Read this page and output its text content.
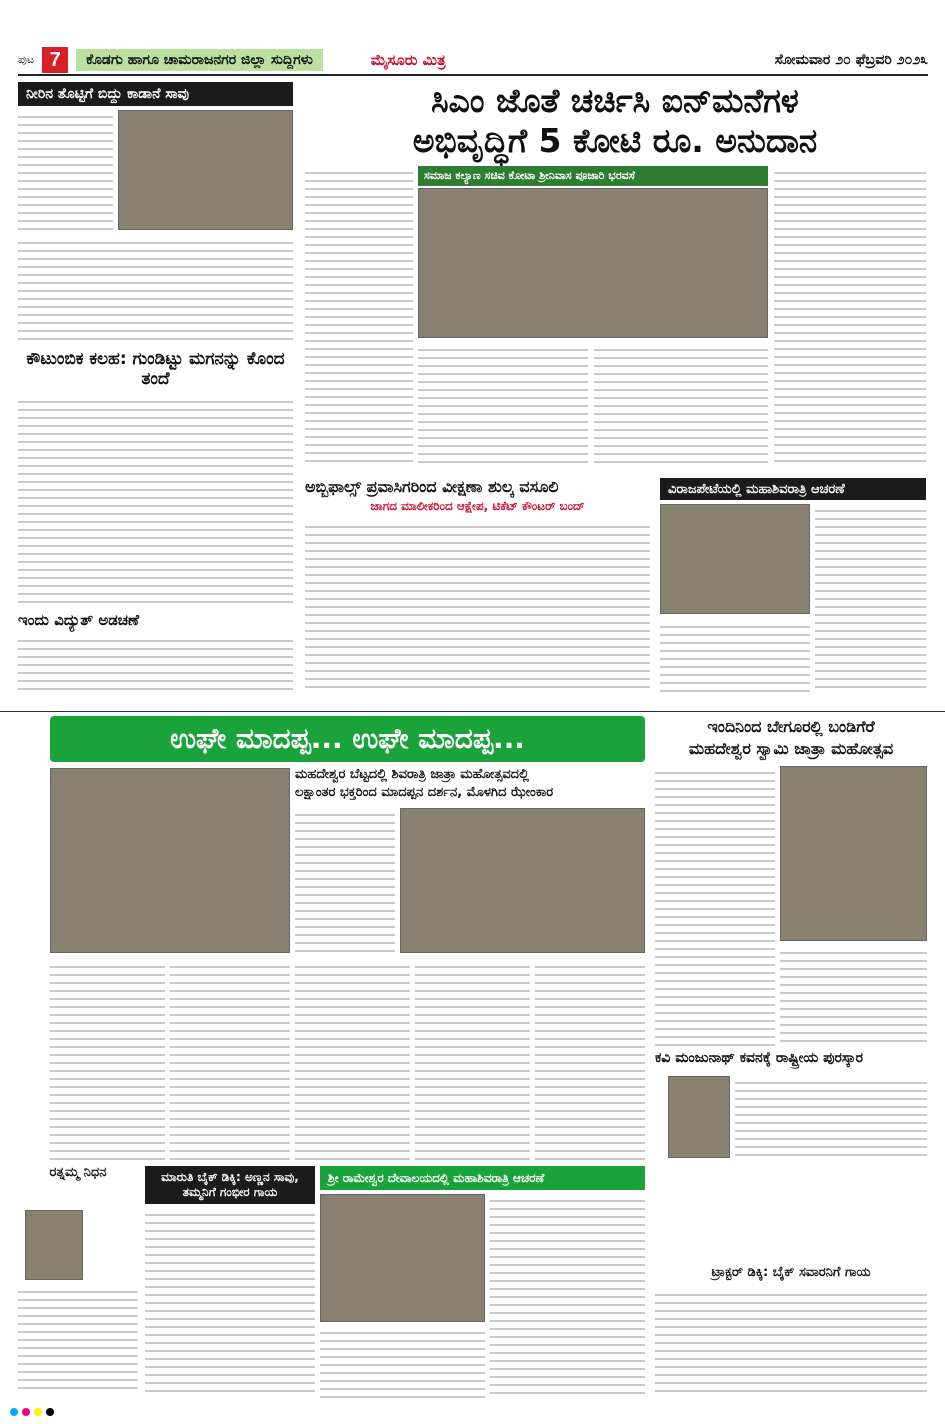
ಪುಟ 7	ಕೊಡಗು ಹಾಗೂ ಚಾಮರಾಜನಗರ ಜಿಲ್ಲಾ ಸುದ್ದಿಗಳು	ಮೈಸೂರು ಮಿತ್ರ	ಸೋಮವಾರ ೨೦ ಫೆಬ್ರವರಿ ೨೦೨೩
ನೀರಿನ ತೊಟ್ಟಿಗೆ ಬಿದ್ದು ಕಾಡಾನೆ ಸಾವು	ಸಿಎಂ ಜೊತೆ ಚರ್ಚಿಸಿ ಐನ್‌ಮನೆಗಳ
ಅಭಿವೃದ್ಧಿಗೆ 5 ಕೋಟಿ ರೂ. ಅನುದಾನ
ಸಮಾಜ ಕಲ್ಯಾಣ ಸಚಿವ ಕೋಟಾ ಶ್ರೀನಿವಾಸ ಪೂಜಾರಿ ಭರವಸೆ
ಕೌಟುಂಬಿಕ ಕಲಹ: ಗುಂಡಿಟ್ಟು ಮಗನನ್ನು ಕೊಂದ ತಂದೆ
ಇಂದು ವಿದ್ಯುತ್ ಅಡಚಣೆ
ಅಬ್ಬಿಫಾಲ್ಸ್ ಪ್ರವಾಸಿಗರಿಂದ ವೀಕ್ಷಣಾ ಶುಲ್ಕ ವಸೂಲಿ
ಜಾಗದ ಮಾಲೀಕರಿಂದ ಆಕ್ಷೇಪ, ಟಿಕೆಟ್ ಕೌಂಟರ್ ಬಂದ್
ವಿರಾಜಪೇಟೆಯಲ್ಲಿ ಮಹಾಶಿವರಾತ್ರಿ ಆಚರಣೆ
ಉಘೇ ಮಾದಪ್ಪ... ಉಘೇ ಮಾದಪ್ಪ...
ಮಹದೇಶ್ವರ ಬೆಟ್ಟದಲ್ಲಿ ಶಿವರಾತ್ರಿ ಜಾತ್ರಾ ಮಹೋತ್ಸವದಲ್ಲಿ
ಲಕ್ಷಾಂತರ ಭಕ್ತರಿಂದ ಮಾದಪ್ಪನ ದರ್ಶನ, ಮೊಳಗಿದ ಝೇಂಕಾರ
ಇಂದಿನಿಂದ ಬೇಗೂರಲ್ಲಿ ಬಂಡಿಗೆರೆ
ಮಹದೇಶ್ವರ ಸ್ವಾಮಿ ಜಾತ್ರಾ ಮಹೋತ್ಸವ
ಕವಿ ಮಂಜುನಾಥ್ ಕವನಕ್ಕೆ ರಾಷ್ಟ್ರೀಯ ಪುರಸ್ಕಾರ
ರತ್ನಮ್ಮ ನಿಧನ	ಮಾರುತಿ ಬೈಕ್ ಡಿಕ್ಕಿ: ಅಣ್ಣನ ಸಾವು,
ತಮ್ಮನಿಗೆ ಗಂಭೀರ ಗಾಯ
ಶ್ರೀ ರಾಮೇಶ್ವರ ದೇವಾಲಯದಲ್ಲಿ ಮಹಾಶಿವರಾತ್ರಿ ಆಚರಣೆ
ಟ್ರಾಕ್ಟರ್ ಡಿಕ್ಕಿ: ಬೈಕ್ ಸವಾರನಿಗೆ ಗಾಯ
